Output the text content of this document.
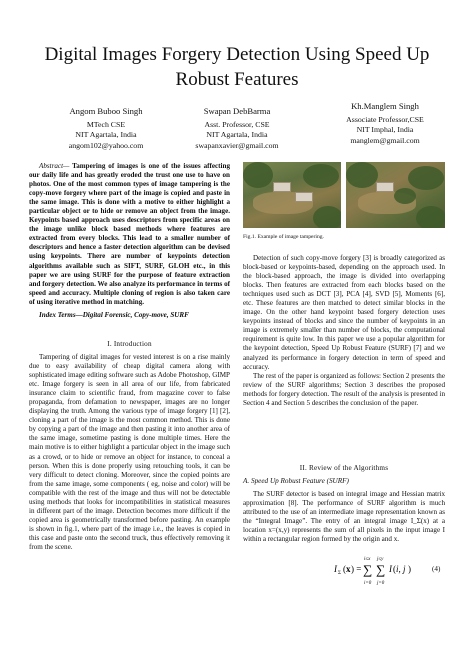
Digital Images Forgery Detection Using Speed Up
Robust Features
Angom Buboo Singh
MTech CSE
NIT Agartala, India
angom102@yahoo.com
Swapan DebBarma
Asst. Professor, CSE
NIT Agartala, India
swapanxavier@gmail.com
Kh.Manglem Singh
Associate Professor,CSE
NIT Imphal, India
manglem@gmail.com

Abstract— Tampering of images is one of the issues affecting our daily life and has greatly eroded the trust one use to have on photos. One of the most common types of image tampering is the copy-move forgery where part of the image is copied and paste in the same image. This is done with a motive to either highlight a particular object or to hide or remove an object from the image. Keypoints based approach uses descriptors from specific areas on the image unlike block based methods where features are extracted from every blocks. This lead to a smaller number of descriptors and hence a faster detection algorithm can be devised using keypoints. There are number of keypoints detection algorithms available such as SIFT, SURF, GLOH etc., in this paper we are using SURF for the purpose of feature extraction and forgery detection. We also analyze its performance in terms of speed and accuracy. Multiple cloning of region is also taken care of using iterative method in matching.

Index Terms—Digital Forensic, Copy-move, SURF

I. Introduction

Tampering of digital images for vested interest is on a rise mainly due to easy availability of cheap digital camera along with sophisticated image editing software such as Adobe Photoshop, GIMP etc. Image forgery is seen in all area of our life, from fabricated insurance claim to scientific fraud, from magazine cover to false propaganda, from defamation to newspaper, images are no longer displaying the truth. Among the various type of image forgery [1] [2], cloning a part of the image is the most common method. This is done by copying a part of the image and then pasting it into another area of the same image, sometime pasting is done multiple times. Here the main motive is to either highlight a particular object in the image such as a crowd, or to hide or remove an object for instance, to conceal a person. When this is done properly using retouching tools, it can be very difficult to detect cloning. Moreover, since the copied points are from the same image, some components ( eg, noise and color) will be compatible with the rest of the image and thus will not be detectable using methods that looks for incompatibilities in statistical measures in different part of the image. Detection becomes more difficult if the copied area is geometrically transformed before pasting. An example is shown in fig.1, where part of the image i.e., the leaves is copied in this case and paste onto the second truck, thus effectively removing it from the scene.

Fig.1. Example of image tampering.

Detection of such copy-move forgery [3] is broadly categorized as block-based or keypoints-based, depending on the approach used. In the block-based approach, the image is divided into overlapping blocks. Then features are extracted from each blocks based on the techniques used such as DCT [3], PCA [4], SVD [5], Moments [6], etc. These features are then matched to detect similar blocks in the image. On the other hand keypoint based forgery detection uses keypoints instead of blocks and since the number of keypoints in an image is extremely smaller than number of blocks, the computational requirement is quite low. In this paper we use a popular algorithm for the keypoint detection, Speed Up Robust Feature (SURF) [7] and we analyzed its performance in forgery detection in term of speed and accuracy.

The rest of the paper is organized as follows: Section 2 presents the review of the SURF algorithms; Section 3 describes the proposed methods for forgery detection. The result of the analysis is presented in Section 4 and Section 5 describes the conclusion of the paper.

II. Review of the Algorithms
A. Speed Up Robust Feature (SURF)

The SURF detector is based on integral image and Hessian matrix approximation [8]. The performance of SURF algorithm is much attributed to the use of an intermediate image representation known as the “Integral Image”. The entry of an integral image I_Σ(x) at a location x=(x,y) represents the sum of all pixels in the input image I within a rectangular region formed by the origin and x.

I Σ ( x ) =
i≤x
∑
i=0
j≤y
∑
j=0
I ( i, j )	(4)
